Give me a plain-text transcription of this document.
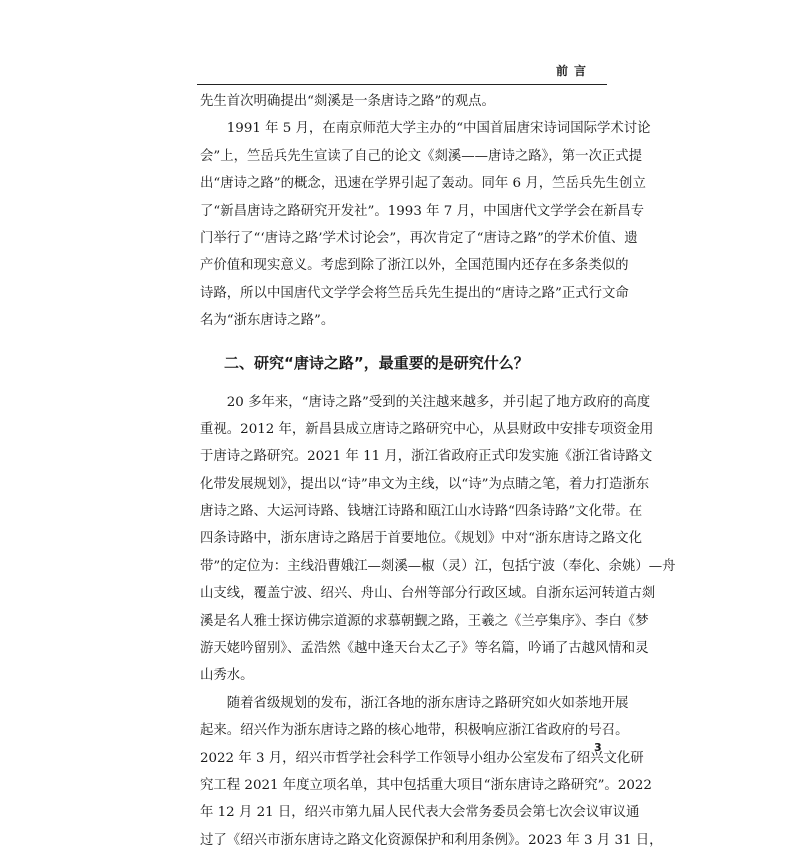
前言
先生首次明确提出“剡溪是一条唐诗之路”的观点。
　　1991 年 5 月，在南京师范大学主办的“中国首届唐宋诗词国际学术讨论
会”上，竺岳兵先生宣读了自己的论文《剡溪——唐诗之路》，第一次正式提
出“唐诗之路”的概念，迅速在学界引起了轰动。同年 6 月，竺岳兵先生创立
了“新昌唐诗之路研究开发社”。1993 年 7 月，中国唐代文学学会在新昌专
门举行了“‘唐诗之路’学术讨论会”，再次肯定了“唐诗之路”的学术价值、遗
产价值和现实意义。考虑到除了浙江以外，全国范围内还存在多条类似的
诗路，所以中国唐代文学学会将竺岳兵先生提出的“唐诗之路”正式行文命
名为“浙东唐诗之路”。
二、研究“唐诗之路”，最重要的是研究什么？
　　20 多年来，“唐诗之路”受到的关注越来越多，并引起了地方政府的高度
重视。2012 年，新昌县成立唐诗之路研究中心，从县财政中安排专项资金用
于唐诗之路研究。2021 年 11 月，浙江省政府正式印发实施《浙江省诗路文
化带发展规划》，提出以“诗”串文为主线，以“诗”为点睛之笔，着力打造浙东
唐诗之路、大运河诗路、钱塘江诗路和瓯江山水诗路“四条诗路”文化带。在
四条诗路中，浙东唐诗之路居于首要地位。《规划》中对“浙东唐诗之路文化
带”的定位为：主线沿曹娥江—剡溪—椒（灵）江，包括宁波（奉化、余姚）—舟
山支线，覆盖宁波、绍兴、舟山、台州等部分行政区域。自浙东运河转道古剡
溪是名人雅士探访佛宗道源的求慕朝觐之路，王羲之《兰亭集序》、李白《梦
游天姥吟留别》、孟浩然《越中逢天台太乙子》等名篇，吟诵了古越风情和灵
山秀水。
　　随着省级规划的发布，浙江各地的浙东唐诗之路研究如火如荼地开展
起来。绍兴作为浙东唐诗之路的核心地带，积极响应浙江省政府的号召。
2022 年 3 月，绍兴市哲学社会科学工作领导小组办公室发布了绍兴文化研
究工程 2021 年度立项名单，其中包括重大项目“浙东唐诗之路研究”。2022
年 12 月 21 日，绍兴市第九届人民代表大会常务委员会第七次会议审议通
过了《绍兴市浙东唐诗之路文化资源保护和利用条例》。2023 年 3 月 31 日，
3
